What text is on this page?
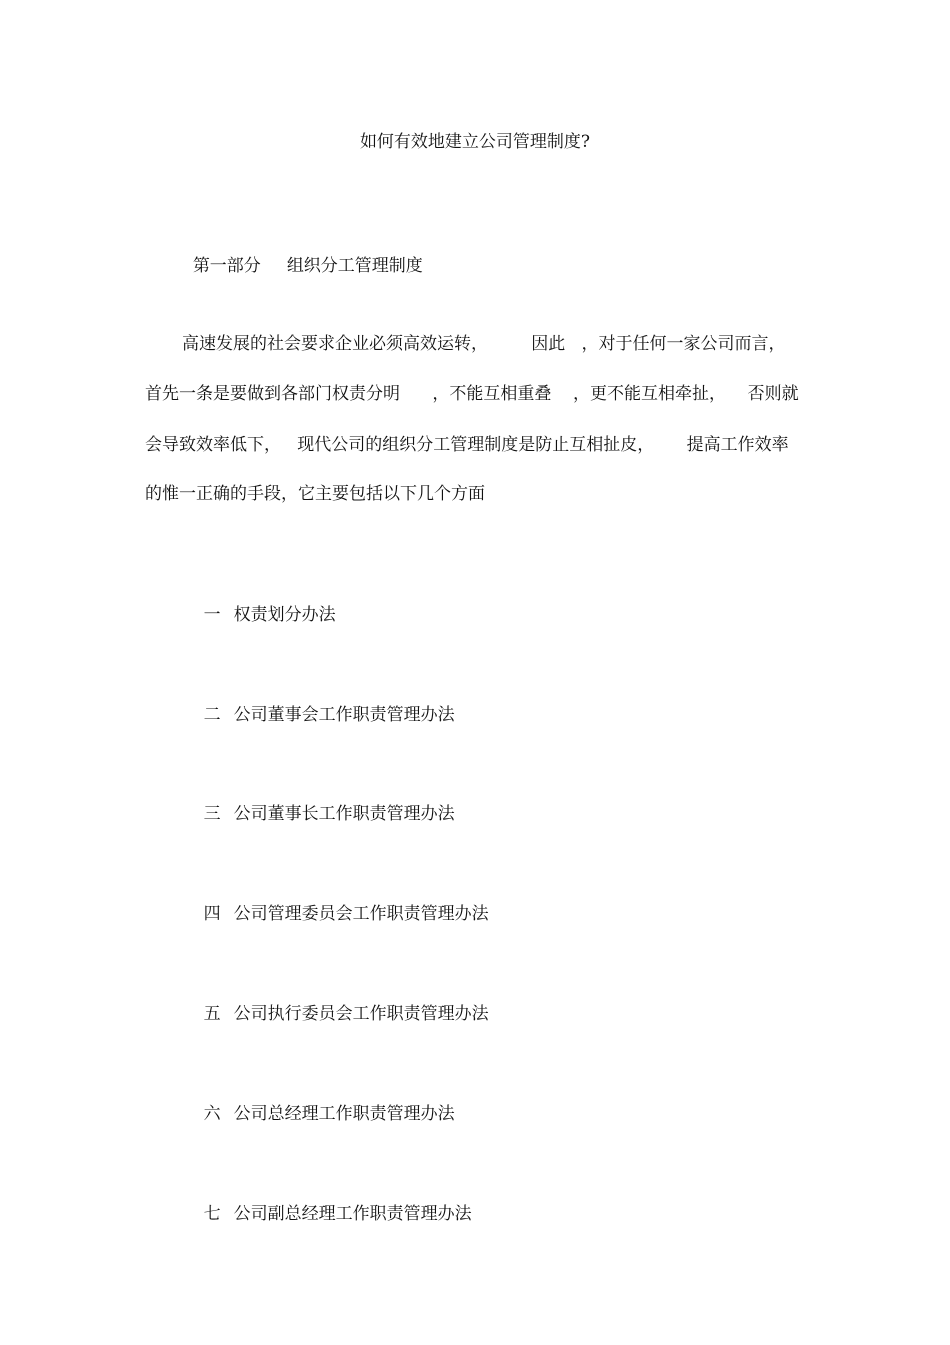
如何有效地建立公司管理制度?

第一部分 组织分工管理制度

高速发展的社会要求企业必须高效运转，        因此   ，对于任何一家公司而言，
首先一条是要做到各部门权责分明      ，不能互相重叠    ，更不能互相牵扯，    否则就
会导致效率低下，   现代公司的组织分工管理制度是防止互相扯皮，      提高工作效率
的惟一正确的手段，它主要包括以下几个方面

一 权责划分办法

二 公司董事会工作职责管理办法

三 公司董事长工作职责管理办法

四 公司管理委员会工作职责管理办法

五 公司执行委员会工作职责管理办法

六 公司总经理工作职责管理办法

七 公司副总经理工作职责管理办法
